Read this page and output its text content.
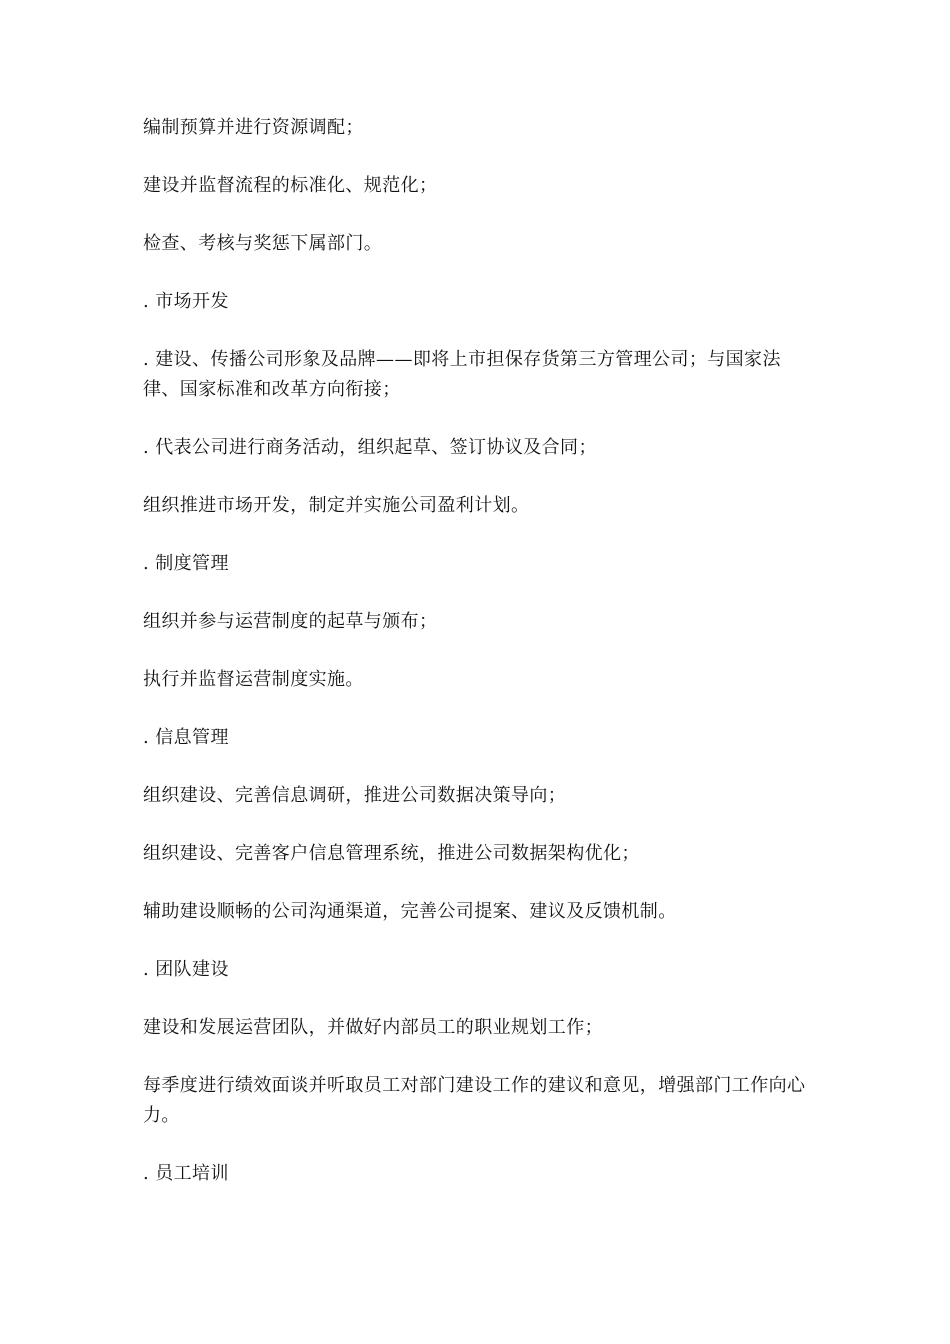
编制预算并进行资源调配；

建设并监督流程的标准化、规范化；

检查、考核与奖惩下属部门。

. 市场开发

. 建设、传播公司形象及品牌——即将上市担保存货第三方管理公司；与国家法律、国家标准和改革方向衔接；

. 代表公司进行商务活动，组织起草、签订协议及合同；

组织推进市场开发，制定并实施公司盈利计划。

. 制度管理

组织并参与运营制度的起草与颁布；

执行并监督运营制度实施。

. 信息管理

组织建设、完善信息调研，推进公司数据决策导向；

组织建设、完善客户信息管理系统，推进公司数据架构优化；

辅助建设顺畅的公司沟通渠道，完善公司提案、建议及反馈机制。

. 团队建设

建设和发展运营团队，并做好内部员工的职业规划工作；

每季度进行绩效面谈并听取员工对部门建设工作的建议和意见，增强部门工作向心力。

. 员工培训
